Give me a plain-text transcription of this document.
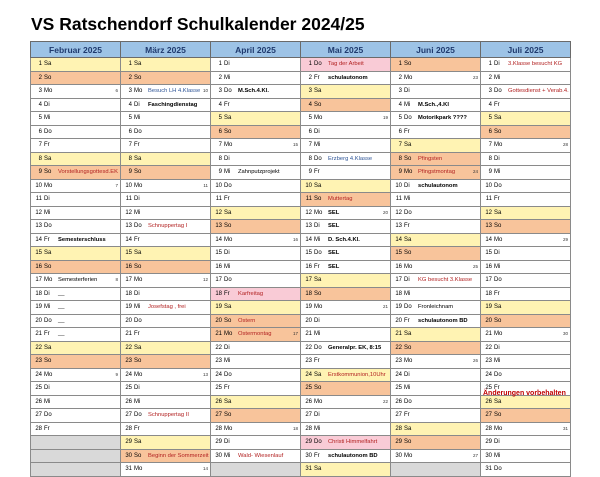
VS Ratschendorf Schulkalender 2024/25
Februar 2025	März 2025	April 2025	Mai 2025	Juni 2025	Juli 2025
1 Sa	1 Sa	1 Di	1 Do Tag der Arbeit	1 So	1 Di 3.Klasse besucht KG
2 So	2 So	2 Mi	2 Fr schulautonom	2 Mo 23	2 Mi
3 Mo 6	3 Mo Besuch LH 4.Klasse 10	3 Do M.Sch.4.Kl.	3 Sa	3 Di	3 Do Gottesdienst + Verab.4.
4 Di	4 Di Faschingdienstag	4 Fr	4 So	4 Mi M.Sch.,4.Kl	4 Fr
5 Mi	5 Mi	5 Sa	5 Mo 19	5 Do Motorikpark ????	5 Sa
6 Do	6 Do	6 So	6 Di	6 Fr	6 So
7 Fr	7 Fr	7 Mo 15	7 Mi	7 Sa	7 Mo 28

8 Sa	8 Sa	8 Di	8 Do Erzberg 4.Klasse	8 So Pfingsten	8 Di
9 So Vorstellungsgottesd.EK	9 So	9 Mi Zahnputzprojekt	9 Fr	9 Mo Pfingstmontag 24	9 Mi
10 Mo 7	10 Mo 11	10 Do	10 Sa	10 Di schulautonom	10 Do
11 Di	11 Di	11 Fr	11 So Muttertag	11 Mi	11 Fr
12 Mi	12 Mi	12 Sa	12 Mo SEL 20	12 Do	12 Sa
13 Do	13 Do Schnuppertag I	13 So	13 Di SEL	13 Fr	13 So
14 Fr Semesterschluss	14 Fr	14 Mo 16	14 Mi D. Sch.4.Kl.	14 Sa	14 Mo 29

15 Sa	15 Sa	15 Di	15 Do SEL	15 So	15 Di
16 So	16 So	16 Mi	16 Fr SEL	16 Mo 25	16 Mi
17 Mo Semesterferien 8	17 Mo 12	17 Do	17 Sa	17 Di KG besucht 3.Klasse	17 Do
18 Di __	18 Di	18 Fr Karfreitag	18 So	18 Mi	18 Fr
19 Mi __	19 Mi Josefstag , frei	19 Sa	19 Mo 21	19 Do Fronleichnam	19 Sa
20 Do __	20 Do	20 So Ostern	20 Di	20 Fr schulautonom BD	20 So
21 Fr __	21 Fr	21 Mo Ostermontag 17	21 Mi	21 Sa	21 Mo 30

22 Sa	22 Sa	22 Di	22 Do Generalpr. EK, 8:15	22 So	22 Di
23 So	23 So	23 Mi	23 Fr	23 Mo 26	23 Mi
24 Mo 9	24 Mo 13	24 Do	24 Sa Erstkommunion,10Uhr	24 Di	24 Do
25 Di	25 Di	25 Fr	25 So	25 Mi	25 Fr
26 Mi	26 Mi	26 Sa	26 Mo 22	26 Do	26 Sa
27 Do	27 Do Schnuppertag II	27 So	27 Di	27 Fr	27 So
28 Fr	28 Fr	28 Mo 18	28 Mi	28 Sa	28 Mo 31

	29 Sa	29 Di	29 Do Christi Himmelfahrt	29 So	29 Di
	30 So Beginn der Sommerzeit	30 Mi Wald- Wiesenlauf	30 Fr schulautonom BD	30 Mo 27	30 Mi
	31 Mo 14		31 Sa		31 Do

Änderungen vorbehalten
